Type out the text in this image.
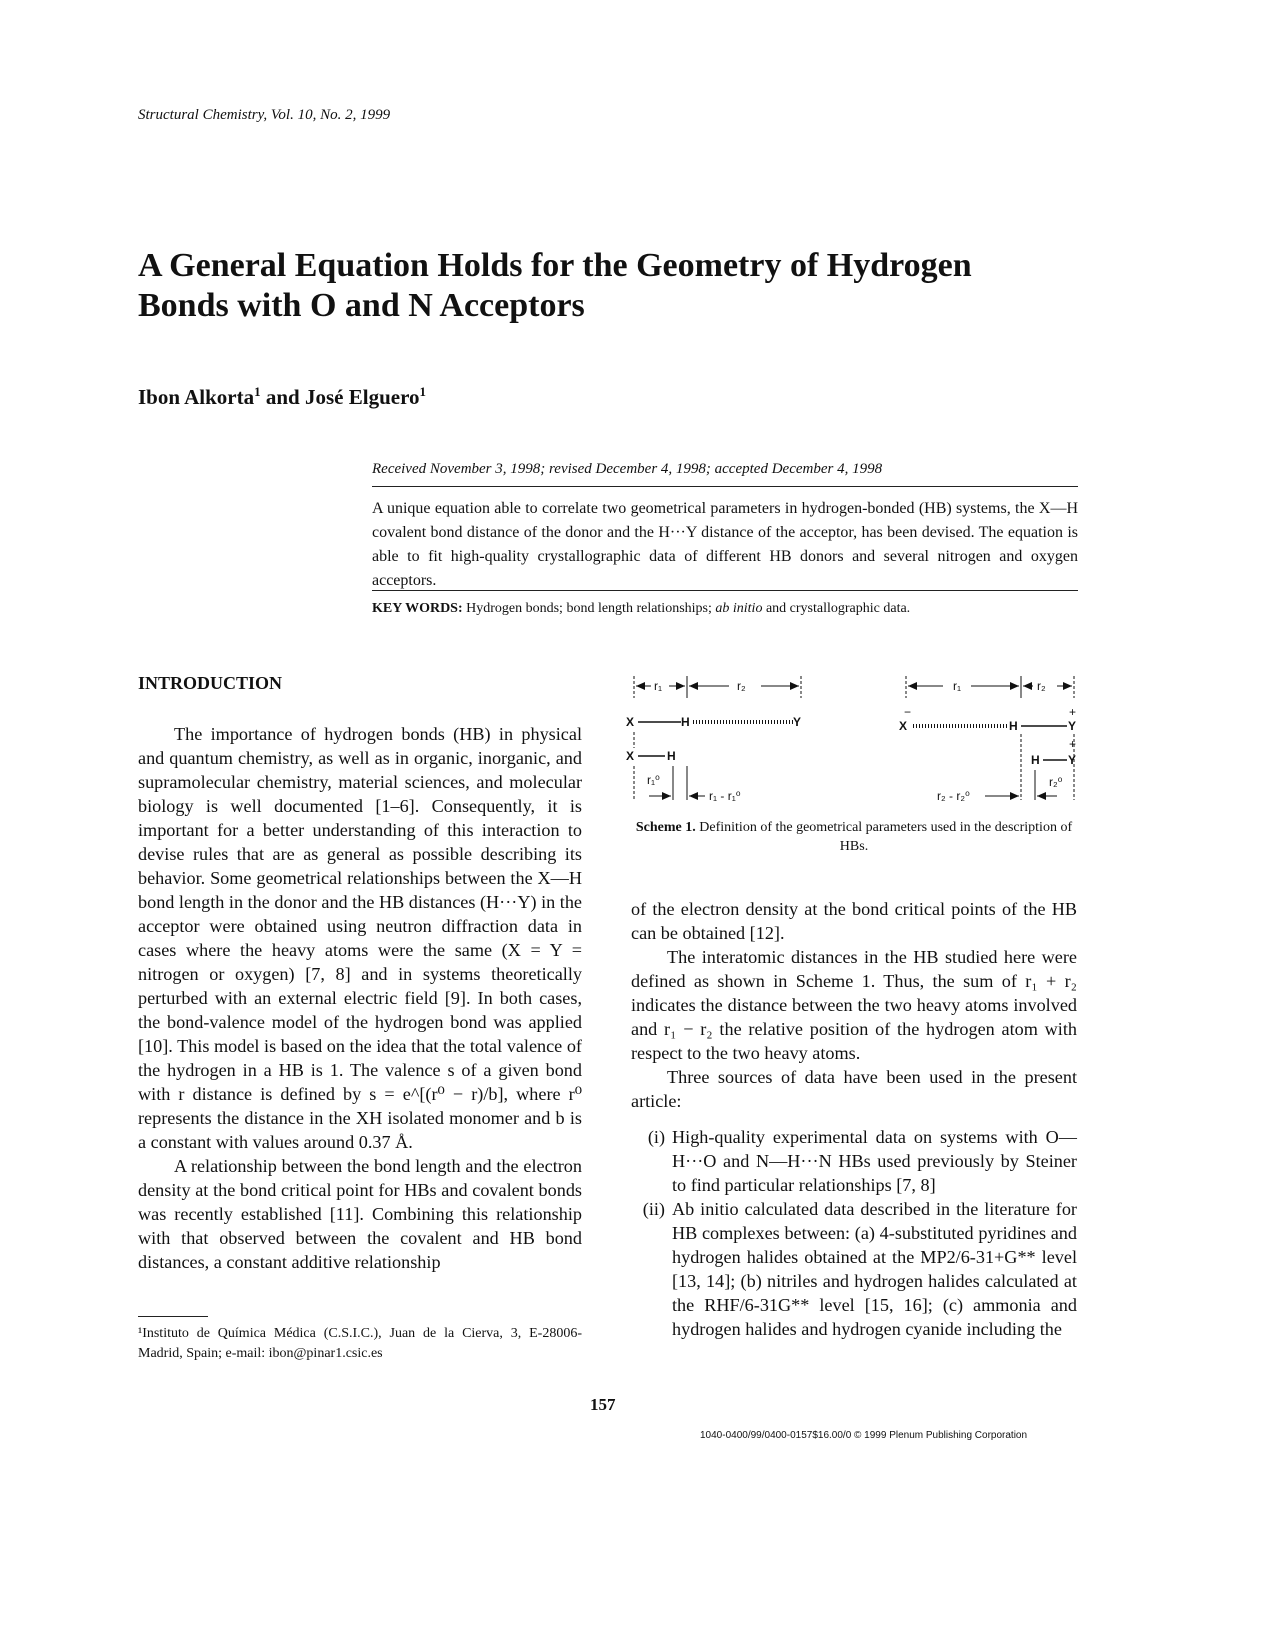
Structural Chemistry, Vol. 10, No. 2, 1999
A General Equation Holds for the Geometry of Hydrogen
Bonds with O and N Acceptors
Ibon Alkorta$^1$ and José Elguero$^1$
Received November 3, 1998; revised December 4, 1998; accepted December 4, 1998
A unique equation able to correlate two geometrical parameters in hydrogen-bonded (HB) systems, the X—H covalent bond distance of the donor and the H···Y distance of the acceptor, has been devised. The equation is able to fit high-quality crystallographic data of different HB donors and several nitrogen and oxygen acceptors.
KEY WORDS: Hydrogen bonds; bond length relationships; ab initio and crystallographic data.
INTRODUCTION

The importance of hydrogen bonds (HB) in physical and quantum chemistry, as well as in organic, inorganic, and supramolecular chemistry, material sciences, and molecular biology is well documented [1–6]. Consequently, it is important for a better understanding of this interaction to devise rules that are as general as possible describing its behavior. Some geometrical relationships between the X—H bond length in the donor and the HB distances (H···Y) in the acceptor were obtained using neutron diffraction data in cases where the heavy atoms were the same (X = Y = nitrogen or oxygen) [7, 8] and in systems theoretically perturbed with an external electric field [9]. In both cases, the bond-valence model of the hydrogen bond was applied [10]. This model is based on the idea that the total valence of the hydrogen in a HB is 1. The valence s of a given bond with r distance is defined by s = e^[(r⁰ − r)/b], where r⁰ represents the distance in the XH isolated monomer and b is a constant with values around 0.37 Å.

A relationship between the bond length and the electron density at the bond critical point for HBs and covalent bonds was recently established [11]. Combining this relationship with that observed between the covalent and HB bond distances, a constant additive relationship

¹Instituto de Química Médica (C.S.I.C.), Juan de la Cierva, 3, E-28006-Madrid, Spain; e-mail: ibon@pinar1.csic.es
r₁	r₂
X	H	Y
X	H
r₁⁰
r₁ - r₁⁰
r₁	r₂
−	+
X	H	Y
+
H Y
r₂⁰
r₂ - r₂⁰
Scheme 1. Definition of the geometrical parameters used in the description of HBs.

of the electron density at the bond critical points of the HB can be obtained [12].

The interatomic distances in the HB studied here were defined as shown in Scheme 1. Thus, the sum of r₁ + r₂ indicates the distance between the two heavy atoms involved and r₁ − r₂ the relative position of the hydrogen atom with respect to the two heavy atoms.

Three sources of data have been used in the present article:

(i) High-quality experimental data on systems with O—H···O and N—H···N HBs used previously by Steiner to find particular relationships [7, 8]
(ii) Ab initio calculated data described in the literature for HB complexes between: (a) 4-substituted pyridines and hydrogen halides obtained at the MP2/6-31+G** level [13, 14]; (b) nitriles and hydrogen halides calculated at the RHF/6-31G** level [15, 16]; (c) ammonia and hydrogen halides and hydrogen cyanide including the
157
1040-0400/99/0400-0157$16.00/0 © 1999 Plenum Publishing Corporation
